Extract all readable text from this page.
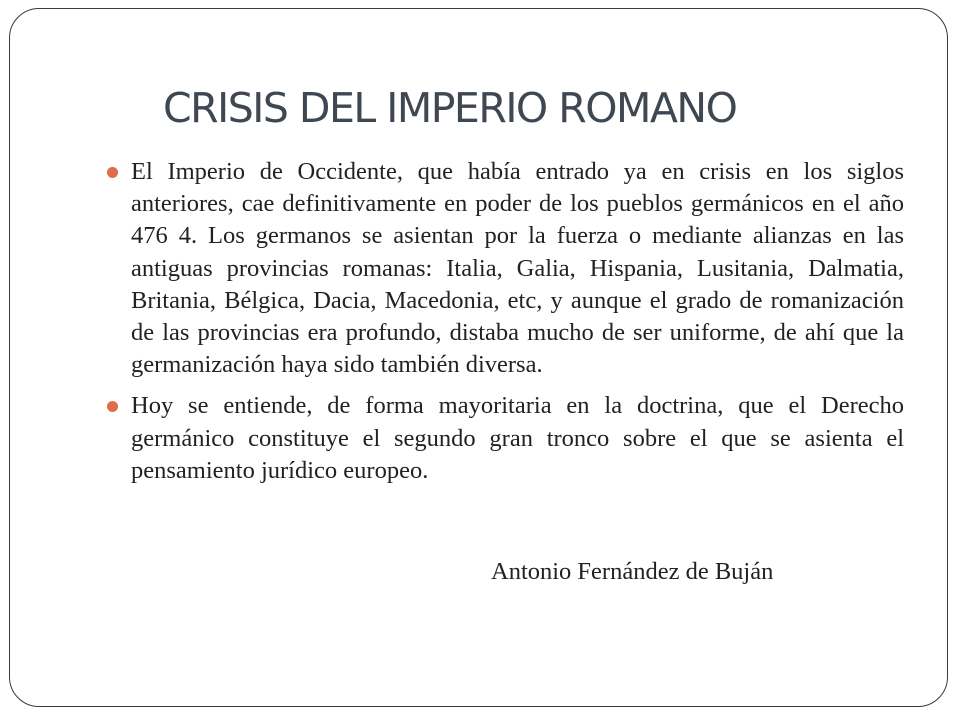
CRISIS DEL IMPERIO ROMANO

El Imperio de Occidente, que había entrado ya en crisis en los siglos anteriores, cae definitivamente en poder de los pueblos germánicos en el año 476 4. Los germanos se asientan por la fuerza o mediante alianzas en las antiguas provincias romanas: Italia, Galia, Hispania, Lusitania, Dalmatia, Britania, Bélgica, Dacia, Macedonia, etc, y aunque el grado de romanización de las provincias era profundo, distaba mucho de ser uniforme, de ahí que la germanización haya sido también diversa.

Hoy se entiende, de forma mayoritaria en la doctrina, que el Derecho germánico constituye el segundo gran tronco sobre el que se asienta el pensamiento jurídico europeo.

Antonio Fernández de Buján
